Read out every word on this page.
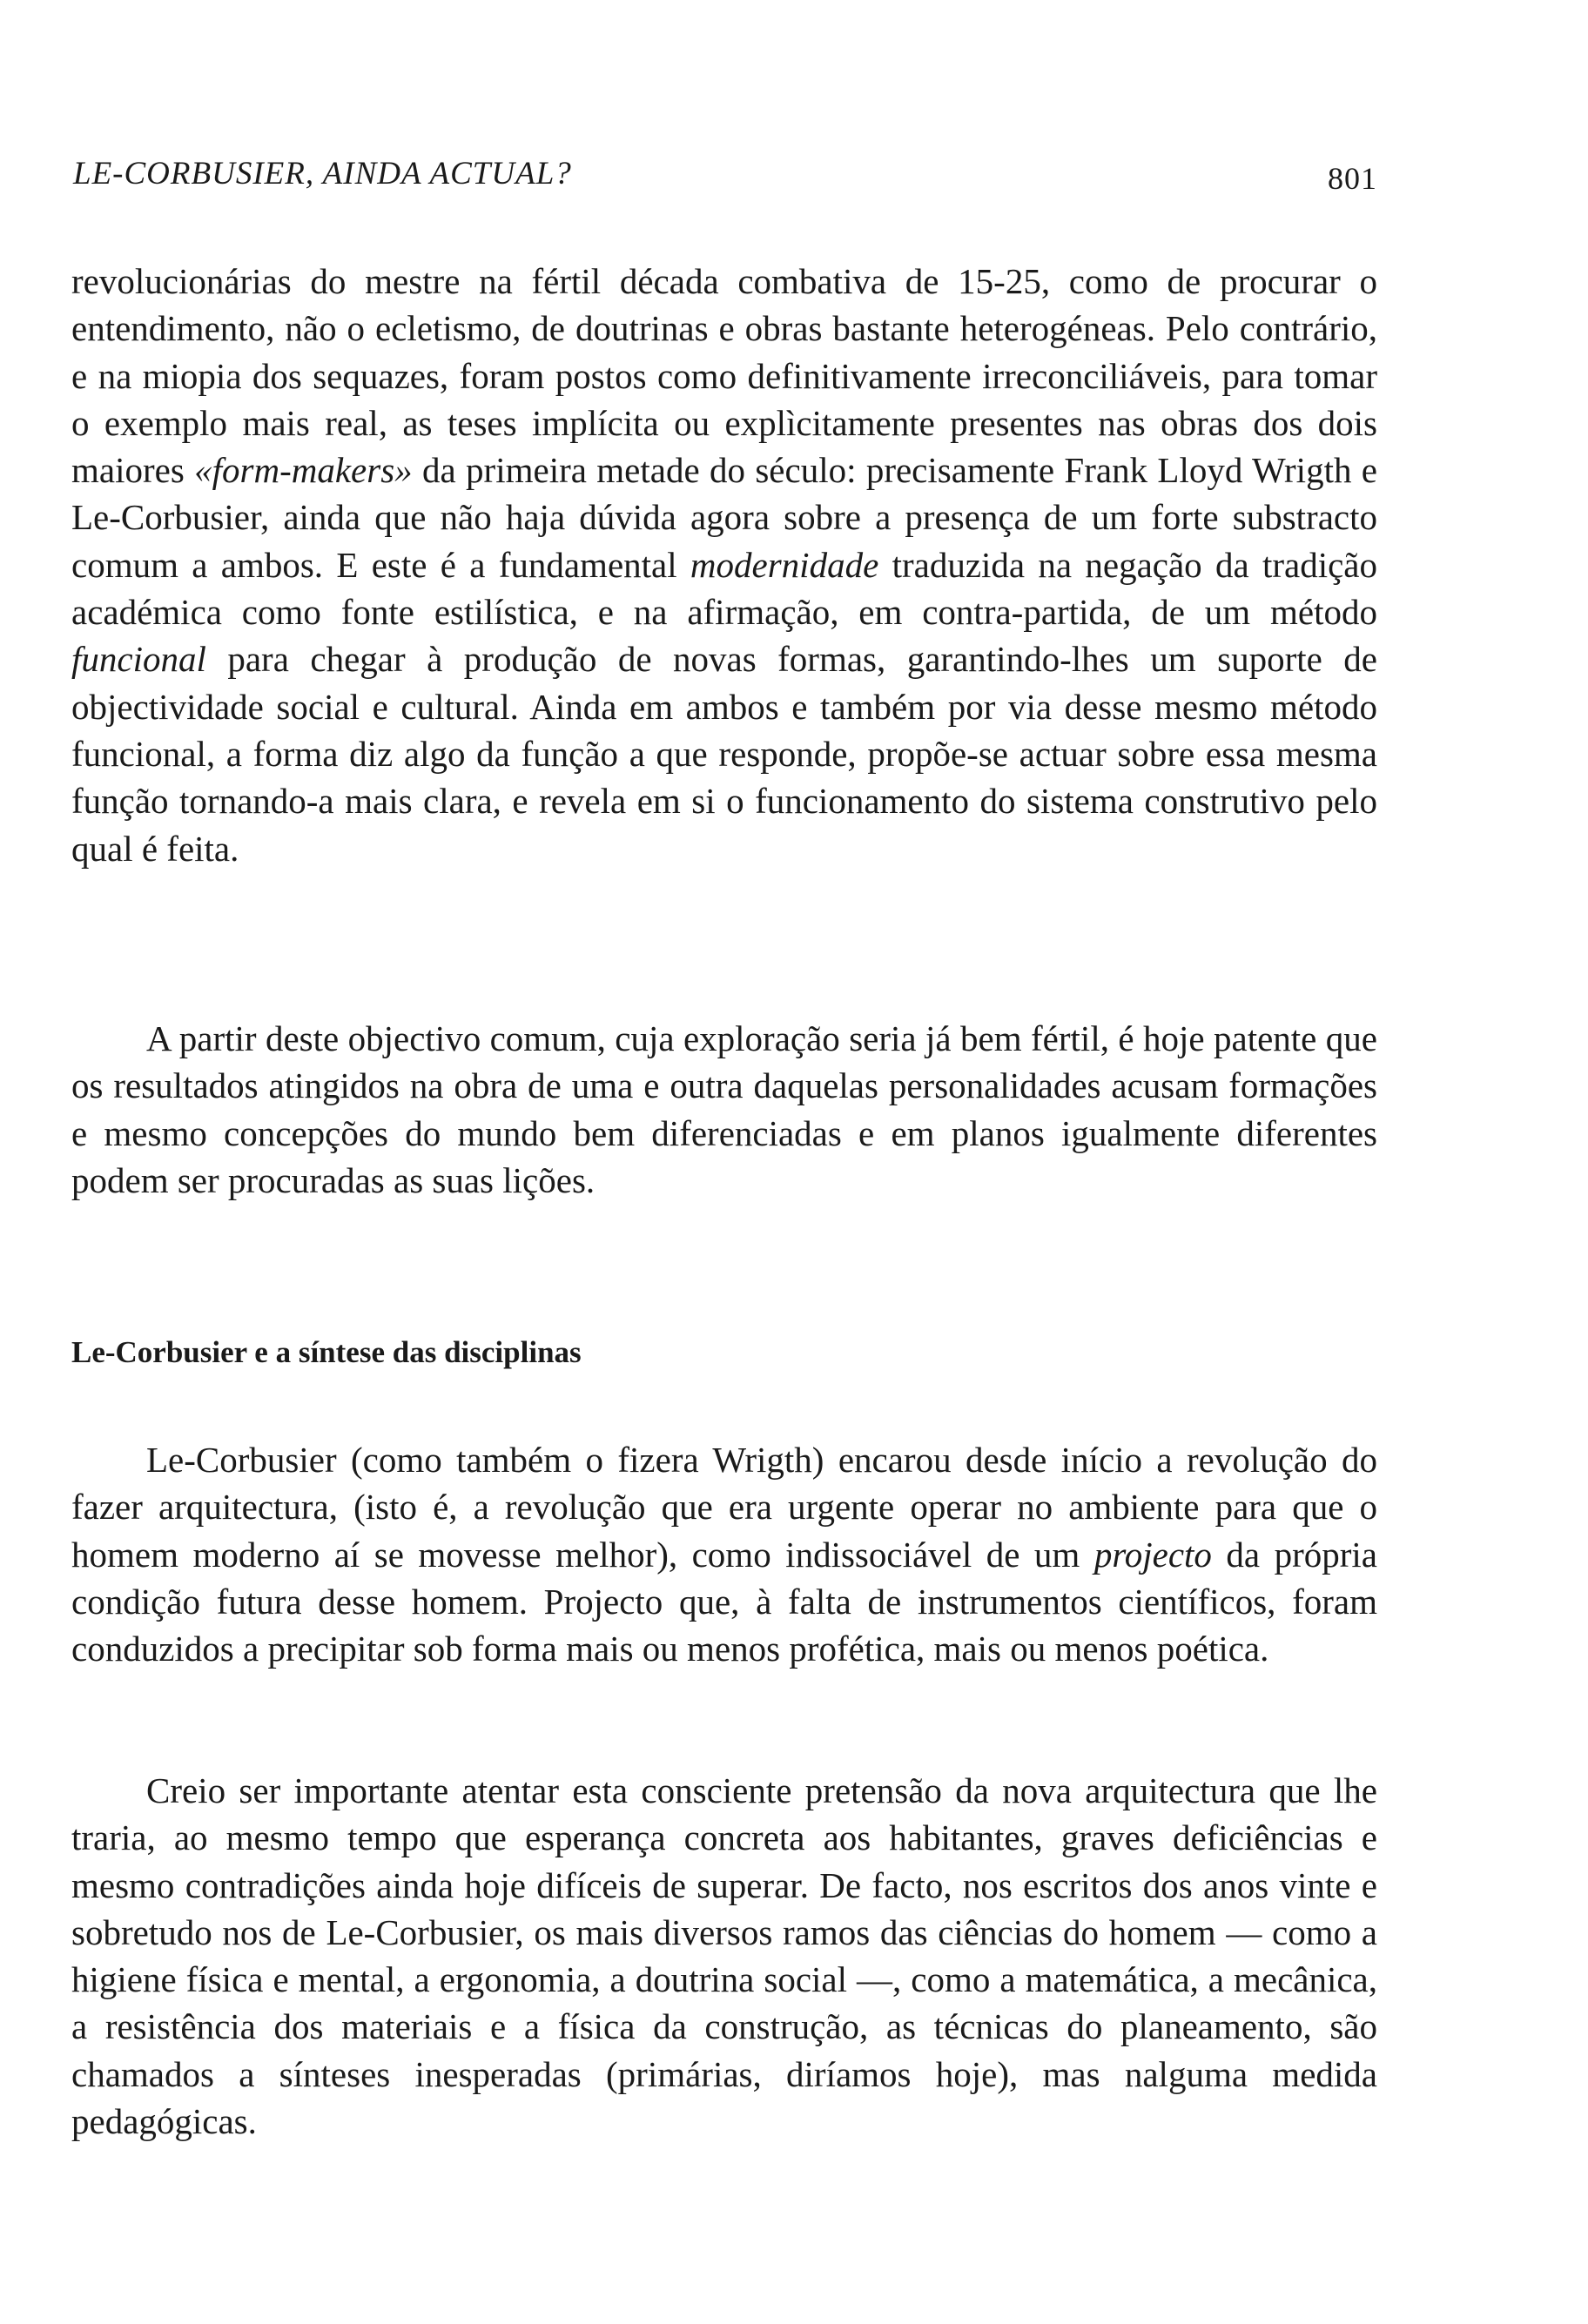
LE-CORBUSIER, AINDA ACTUAL?	801

revolucionárias do mestre na fértil década combativa de 15-25, como de procurar o entendimento, não o ecletismo, de doutrinas e obras bastante heterogéneas. Pelo contrário, e na miopia dos sequazes, foram postos como definitivamente irreconciliáveis, para tomar o exemplo mais real, as teses implícita ou explìcitamente presentes nas obras dos dois maiores «form-makers» da primeira metade do século: precisamente Frank Lloyd Wrigth e Le-Corbusier, ainda que não haja dúvida agora sobre a presença de um forte substracto comum a ambos. E este é a fundamental modernidade traduzida na negação da tradição académica como fonte estilística, e na afirmação, em contra-partida, de um método funcional para chegar à produção de novas formas, garantindo-lhes um suporte de objectividade social e cultural. Ainda em ambos e também por via desse mesmo método funcional, a forma diz algo da função a que responde, propõe-se actuar sobre essa mesma função tornando-a mais clara, e revela em si o funcionamento do sistema construtivo pelo qual é feita.

A partir deste objectivo comum, cuja exploração seria já bem fértil, é hoje patente que os resultados atingidos na obra de uma e outra daquelas personalidades acusam formações e mesmo concepções do mundo bem diferenciadas e em planos igualmente diferentes podem ser procuradas as suas lições.

Le-Corbusier e a síntese das disciplinas

Le-Corbusier (como também o fizera Wrigth) encarou desde início a revolução do fazer arquitectura, (isto é, a revolução que era urgente operar no ambiente para que o homem moderno aí se movesse melhor), como indissociável de um projecto da própria condição futura desse homem. Projecto que, à falta de instrumentos científicos, foram conduzidos a precipitar sob forma mais ou menos profética, mais ou menos poética.

Creio ser importante atentar esta consciente pretensão da nova arquitectura que lhe traria, ao mesmo tempo que esperança concreta aos habitantes, graves deficiências e mesmo contradições ainda hoje difíceis de superar. De facto, nos escritos dos anos vinte e sobretudo nos de Le-Corbusier, os mais diversos ramos das ciências do homem — como a higiene física e mental, a ergonomia, a doutrina social —, como a matemática, a mecânica, a resistência dos materiais e a física da construção, as técnicas do planeamento, são chamados a sínteses inesperadas (primárias, diríamos hoje), mas nalguma medida pedagógicas.
